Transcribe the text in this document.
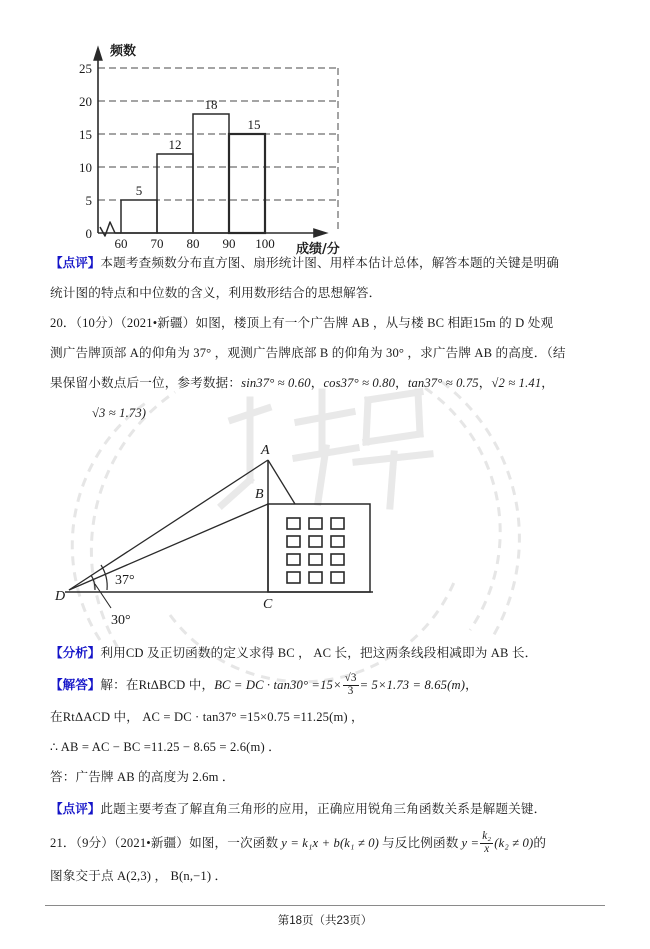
5
12
18
15
0
5
10
15
20
25
60 70 80 90 100
频数
成绩/分
【点评】本题考查频数分布直方图、扇形统计图、用样本估计总体，解答本题的关键是明确
统计图的特点和中位数的含义，利用数形结合的思想解答．
20．（10分）（2021•新疆）如图，楼顶上有一个广告牌 AB ，从与楼 BC 相距15m 的 D 处观
测广告牌顶部 A的仰角为 37° ，观测广告牌底部 B 的仰角为 30° ，求广告牌 AB 的高度．（结
果保留小数点后一位，参考数据：sin37° ≈ 0.60，cos37° ≈ 0.80，tan37° ≈ 0.75，√2 ≈ 1.41，
√3 ≈ 1.73)
A
B
C
D
37°
30°
【分析】利用CD 及正切函数的定义求得 BC ， AC 长，把这两条线段相减即为 AB 长．
【解答】解：在RtΔBCD 中，BC = DC · $\tan 30^\circ =15\times \frac{√3}{3} = 5\times 1.73 = 8.65(m)$，
在RtΔACD 中， AC = DC · tan37° =15×0.75 =11.25(m) ，
∴ AB = AC − BC =11.25 − 8.65 = 2.6(m) ．
答：广告牌 AB 的高度为 2.6m ．
【点评】此题主要考查了解直角三角形的应用，正确应用锐角三角函数关系是解题关键．
21．（9分）（2021•新疆）如图，一次函数 y = k₁x + b(k₁ ≠ 0) 与反比例函数 $y = \frac{\text{k₂}}{x} (k_2 \ne 0)$的
图象交于点 A(2,3) ， B(n,−1) ．
第18页（共23页）
